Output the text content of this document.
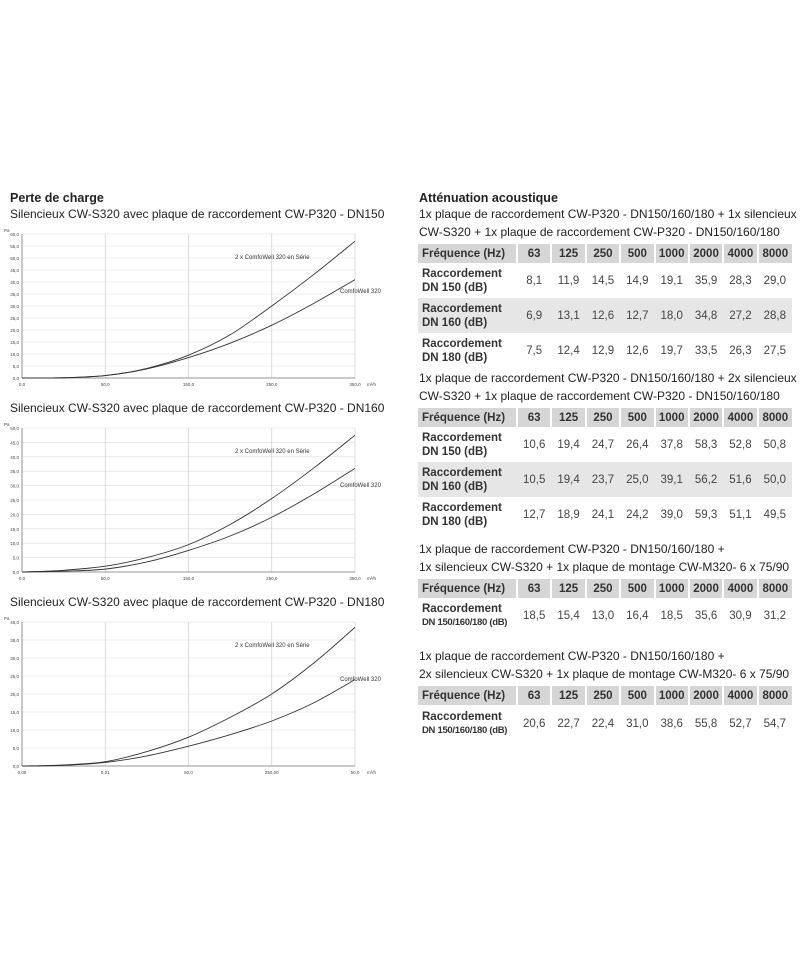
Perte de charge	Atténuation acoustique
Silencieux CW-S320 avec plaque de raccordement CW-P320 - DN150
0,0
5,0
10,0
15,0
20,0
25,0
30,0
35,0
40,0
45,0
50,0
55,0
60,0
0,0	50,0	150,0	250,0	350,0
Pa
m³/h
2 x ComfoWell 320 en Série
ComfoWell 320
Silencieux CW-S320 avec plaque de raccordement CW-P320 - DN160
0,0
5,0
10,0
15,0
20,0
25,0
30,0
35,0
40,0
45,0
50,0
0,0	50,0	150,0	250,0	350,0
Pa
m³/h
2 x ComfoWell 320 en Série
ComfoWell 320
Silencieux CW-S320 avec plaque de raccordement CW-P320 - DN180
0,0
5,0
10,0
15,0
20,0
25,0
30,0
35,0
40,0
0,05	0,01	50,0	250,00	50,0
Pa
m³/h
2 x ComfoWell 320 en Série
ComfoWell 320
1x plaque de raccordement CW-P320 - DN150/160/180 + 1x silencieux
CW-S320 + 1x plaque de raccordement CW-P320 - DN150/160/180
Fréquence (Hz)	63	125	250	500	1000	2000	4000	8000

Raccordement
DN 150 (dB)	8,1	11,9	14,5	14,9	19,1	35,9	28,3	29,0

Raccordement
DN 160 (dB)	6,9	13,1	12,6	12,7	18,0	34,8	27,2	28,8

Raccordement
DN 180 (dB)	7,5	12,4	12,9	12,6	19,7	33,5	26,3	27,5
1x plaque de raccordement CW-P320 - DN150/160/180 + 2x silencieux
CW-S320 + 1x plaque de raccordement CW-P320 - DN150/160/180
Fréquence (Hz)	63	125	250	500	1000	2000	4000	8000

Raccordement
DN 150 (dB)	10,6	19,4	24,7	26,4	37,8	58,3	52,8	50,8

Raccordement
DN 160 (dB)	10,5	19,4	23,7	25,0	39,1	56,2	51,6	50,0

Raccordement
DN 180 (dB)	12,7	18,9	24,1	24,2	39,0	59,3	51,1	49,5
1x plaque de raccordement CW-P320 - DN150/160/180 +
1x silencieux CW-S320 + 1x plaque de montage CW-M320- 6 x 75/90
Fréquence (Hz)	63	125	250	500	1000	2000	4000	8000

Raccordement
DN 150/160/180 (dB)	18,5	15,4	13,0	16,4	18,5	35,6	30,9	31,2
1x plaque de raccordement CW-P320 - DN150/160/180 +
2x silencieux CW-S320 + 1x plaque de montage CW-M320- 6 x 75/90
Fréquence (Hz)	63	125	250	500	1000	2000	4000	8000

Raccordement
DN 150/160/180 (dB)	20,6	22,7	22,4	31,0	38,6	55,8	52,7	54,7
